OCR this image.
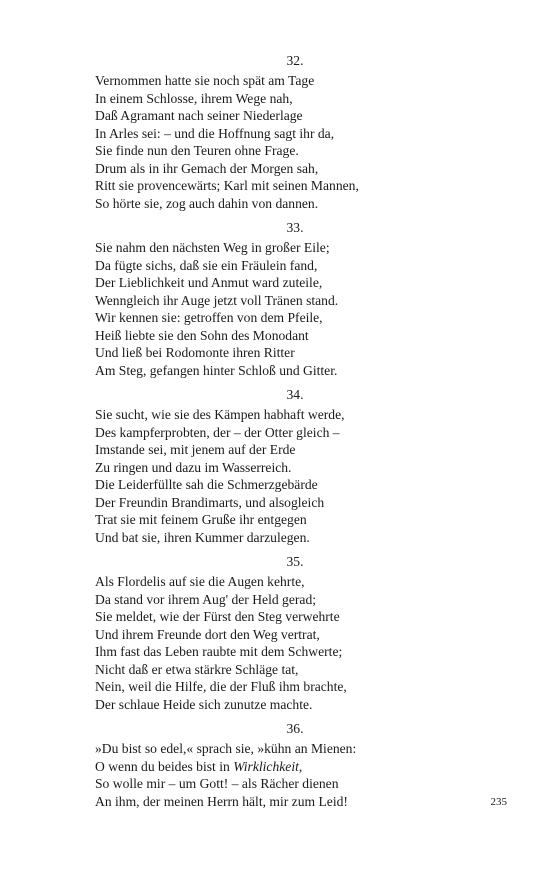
32.
Vernommen hatte sie noch spät am Tage
In einem Schlosse, ihrem Wege nah,
Daß Agramant nach seiner Niederlage
In Arles sei: – und die Hoffnung sagt ihr da,
Sie finde nun den Teuren ohne Frage.
Drum als in ihr Gemach der Morgen sah,
Ritt sie provencewärts; Karl mit seinen Mannen,
So hörte sie, zog auch dahin von dannen.
33.
Sie nahm den nächsten Weg in großer Eile;
Da fügte sichs, daß sie ein Fräulein fand,
Der Lieblichkeit und Anmut ward zuteile,
Wenngleich ihr Auge jetzt voll Tränen stand.
Wir kennen sie: getroffen von dem Pfeile,
Heiß liebte sie den Sohn des Monodant
Und ließ bei Rodomonte ihren Ritter
Am Steg, gefangen hinter Schloß und Gitter.
34.
Sie sucht, wie sie des Kämpen habhaft werde,
Des kampferprobten, der – der Otter gleich –
Imstande sei, mit jenem auf der Erde
Zu ringen und dazu im Wasserreich.
Die Leiderfüllte sah die Schmerzgebärde
Der Freundin Brandimarts, und alsogleich
Trat sie mit feinem Gruße ihr entgegen
Und bat sie, ihren Kummer darzulegen.
35.
Als Flordelis auf sie die Augen kehrte,
Da stand vor ihrem Aug' der Held gerad;
Sie meldet, wie der Fürst den Steg verwehrte
Und ihrem Freunde dort den Weg vertrat,
Ihm fast das Leben raubte mit dem Schwerte;
Nicht daß er etwa stärkre Schläge tat,
Nein, weil die Hilfe, die der Fluß ihm brachte,
Der schlaue Heide sich zunutze machte.
36.
»Du bist so edel,« sprach sie, »kühn an Mienen:
O wenn du beides bist in Wirklichkeit,
So wolle mir – um Gott! – als Rächer dienen
An ihm, der meinen Herrn hält, mir zum Leid!	235
